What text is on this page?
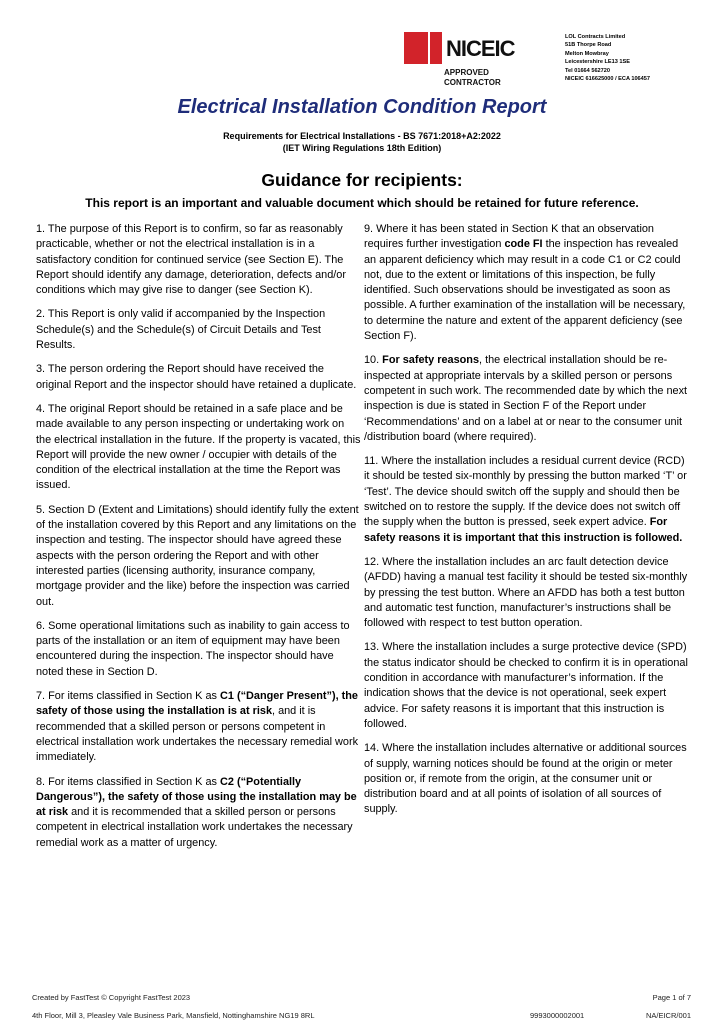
NICEIC
APPROVED
CONTRACTOR
LOL Contracts Limited
51B Thorpe Road
Melton Mowbray
Leicestershire LE13 1SE
Tel 01664 562720
NICEIC 616625000 / ECA 106457
Electrical Installation Condition Report
Requirements for Electrical Installations - BS 7671:2018+A2:2022
(IET Wiring Regulations 18th Edition)
Guidance for recipients:
This report is an important and valuable document which should be retained for future reference.

1. The purpose of this Report is to confirm, so far as reasonably practicable, whether or not the electrical installation is in a satisfactory condition for continued service (see Section E). The Report should identify any damage, deterioration, defects and/or conditions which may give rise to danger (see Section K).

2. This Report is only valid if accompanied by the Inspection Schedule(s) and the Schedule(s) of Circuit Details and Test Results.

3. The person ordering the Report should have received the original Report and the inspector should have retained a duplicate.

4. The original Report should be retained in a safe place and be made available to any person inspecting or undertaking work on the electrical installation in the future. If the property is vacated, this Report will provide the new owner / occupier with details of the condition of the electrical installation at the time the Report was issued.

5. Section D (Extent and Limitations) should identify fully the extent of the installation covered by this Report and any limitations on the inspection and testing. The inspector should have agreed these aspects with the person ordering the Report and with other interested parties (licensing authority, insurance company, mortgage provider and the like) before the inspection was carried out.

6. Some operational limitations such as inability to gain access to parts of the installation or an item of equipment may have been encountered during the inspection. The inspector should have noted these in Section D.

7. For items classified in Section K as C1 (“Danger Present”), the safety of those using the installation is at risk, and it is recommended that a skilled person or persons competent in electrical installation work undertakes the necessary remedial work immediately.

8. For items classified in Section K as C2 (“Potentially Dangerous”), the safety of those using the installation may be at risk and it is recommended that a skilled person or persons competent in electrical installation work undertakes the necessary remedial work as a matter of urgency.

9. Where it has been stated in Section K that an observation requires further investigation code FI the inspection has revealed an apparent deficiency which may result in a code C1 or C2 could not, due to the extent or limitations of this inspection, be fully identified. Such observations should be investigated as soon as possible. A further examination of the installation will be necessary, to determine the nature and extent of the apparent deficiency (see Section F).

10. For safety reasons, the electrical installation should be re-inspected at appropriate intervals by a skilled person or persons competent in such work. The recommended date by which the next inspection is due is stated in Section F of the Report under ‘Recommendations’ and on a label at or near to the consumer unit /distribution board (where required).

11. Where the installation includes a residual current device (RCD) it should be tested six-monthly by pressing the button marked ‘T’ or ‘Test’. The device should switch off the supply and should then be switched on to restore the supply. If the device does not switch off the supply when the button is pressed, seek expert advice. For safety reasons it is important that this instruction is followed.

12. Where the installation includes an arc fault detection device (AFDD) having a manual test facility it should be tested six-monthly by pressing the test button. Where an AFDD has both a test button and automatic test function, manufacturer’s instructions shall be followed with respect to test button operation.

13. Where the installation includes a surge protective device (SPD) the status indicator should be checked to confirm it is in operational condition in accordance with manufacturer’s information. If the indication shows that the device is not operational, seek expert advice. For safety reasons it is important that this instruction is followed.

14. Where the installation includes alternative or additional sources of supply, warning notices should be found at the origin or meter position or, if remote from the origin, at the consumer unit or distribution board and at all points of isolation of all sources of supply.

Created by FastTest © Copyright FastTest 2023	Page 1 of 7
4th Floor, Mill 3, Pleasley Vale Business Park, Mansfield, Nottinghamshire NG19 8RL	9993000002001	NA/EICR/001
